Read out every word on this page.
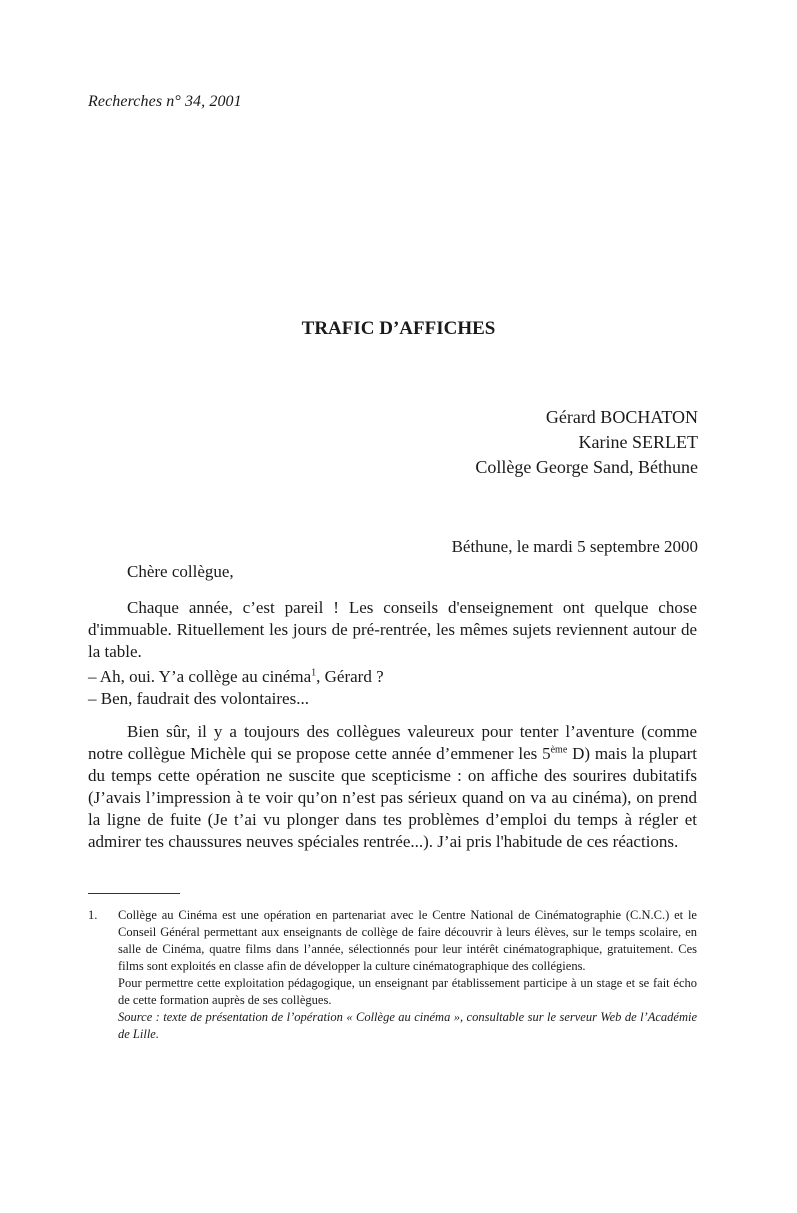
Recherches n° 34, 2001
TRAFIC D’AFFICHES
Gérard BOCHATON
Karine SERLET
Collège George Sand, Béthune
Béthune, le mardi 5 septembre 2000
Chère collègue,
Chaque année, c’est pareil ! Les conseils d'enseignement ont quelque chose d'immuable. Rituellement les jours de pré-rentrée, les mêmes sujets reviennent autour de la table.
– Ah, oui. Y’a collège au cinéma$^1$, Gérard ?
– Ben, faudrait des volontaires...
Bien sûr, il y a toujours des collègues valeureux pour tenter l’aventure (comme notre collègue Michèle qui se propose cette année d’emmener les 5ème D) mais la plupart du temps cette opération ne suscite que scepticisme : on affiche des sourires dubitatifs (J’avais l’impression à te voir qu’on n’est pas sérieux quand on va au cinéma), on prend la ligne de fuite (Je t’ai vu plonger dans tes problèmes d’emploi du temps à régler et admirer tes chaussures neuves spéciales rentrée...). J’ai pris l'habitude de ces réactions.
1.	Collège au Cinéma est une opération en partenariat avec le Centre National de Cinématographie (C.N.C.) et le Conseil Général permettant aux enseignants de collège de faire découvrir à leurs élèves, sur le temps scolaire, en salle de Cinéma, quatre films dans l’année, sélectionnés pour leur intérêt cinématographique, gratuitement. Ces films sont exploités en classe afin de développer la culture cinématographique des collégiens.

Pour permettre cette exploitation pédagogique, un enseignant par établissement participe à un stage et se fait écho de cette formation auprès de ses collègues.

Source : texte de présentation de l’opération « Collège au cinéma », consultable sur le serveur Web de l’Académie de Lille.
